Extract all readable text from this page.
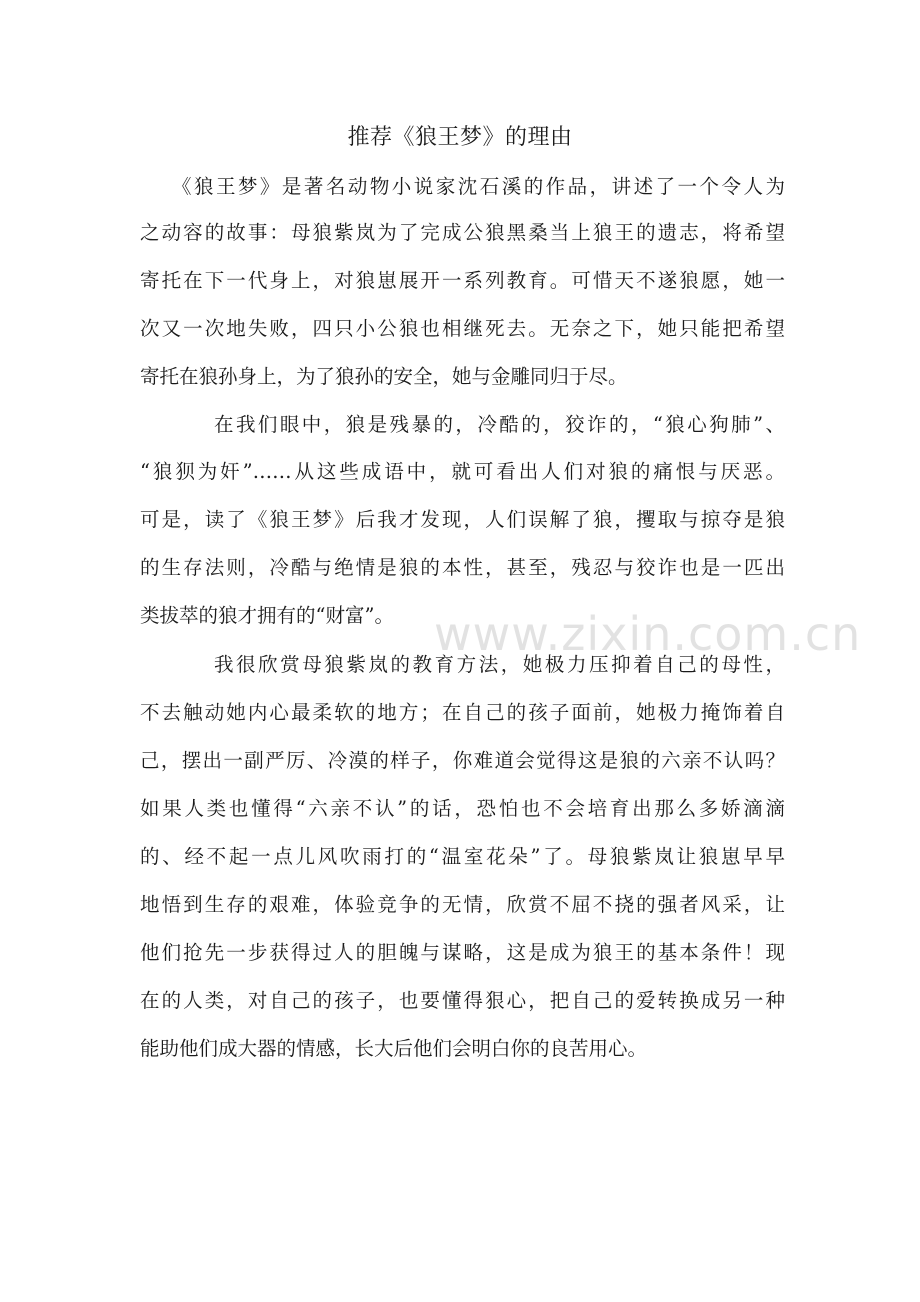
推荐《狼王梦》的理由
《狼王梦》是著名动物小说家沈石溪的作品，讲述了一个令人为
之动容的故事：母狼紫岚为了完成公狼黑桑当上狼王的遗志，将希望
寄托在下一代身上，对狼崽展开一系列教育。可惜天不遂狼愿，她一
次又一次地失败，四只小公狼也相继死去。无奈之下，她只能把希望
寄托在狼孙身上，为了狼孙的安全，她与金雕同归于尽。
在我们眼中，狼是残暴的，冷酷的，狡诈的，“狼心狗肺”、
“狼狈为奸”……从这些成语中，就可看出人们对狼的痛恨与厌恶。
可是，读了《狼王梦》后我才发现，人们误解了狼，攫取与掠夺是狼
的生存法则，冷酷与绝情是狼的本性，甚至，残忍与狡诈也是一匹出
类拔萃的狼才拥有的“财富”。
我很欣赏母狼紫岚的教育方法，她极力压抑着自己的母性，
不去触动她内心最柔软的地方；在自己的孩子面前，她极力掩饰着自
己，摆出一副严厉、冷漠的样子，你难道会觉得这是狼的六亲不认吗？
如果人类也懂得“六亲不认”的话，恐怕也不会培育出那么多娇滴滴
的、经不起一点儿风吹雨打的“温室花朵”了。母狼紫岚让狼崽早早
地悟到生存的艰难，体验竞争的无情，欣赏不屈不挠的强者风采，让
他们抢先一步获得过人的胆魄与谋略，这是成为狼王的基本条件！现
在的人类，对自己的孩子，也要懂得狠心，把自己的爱转换成另一种
能助他们成大器的情感，长大后他们会明白你的良苦用心。
www.zixin.com.cn
